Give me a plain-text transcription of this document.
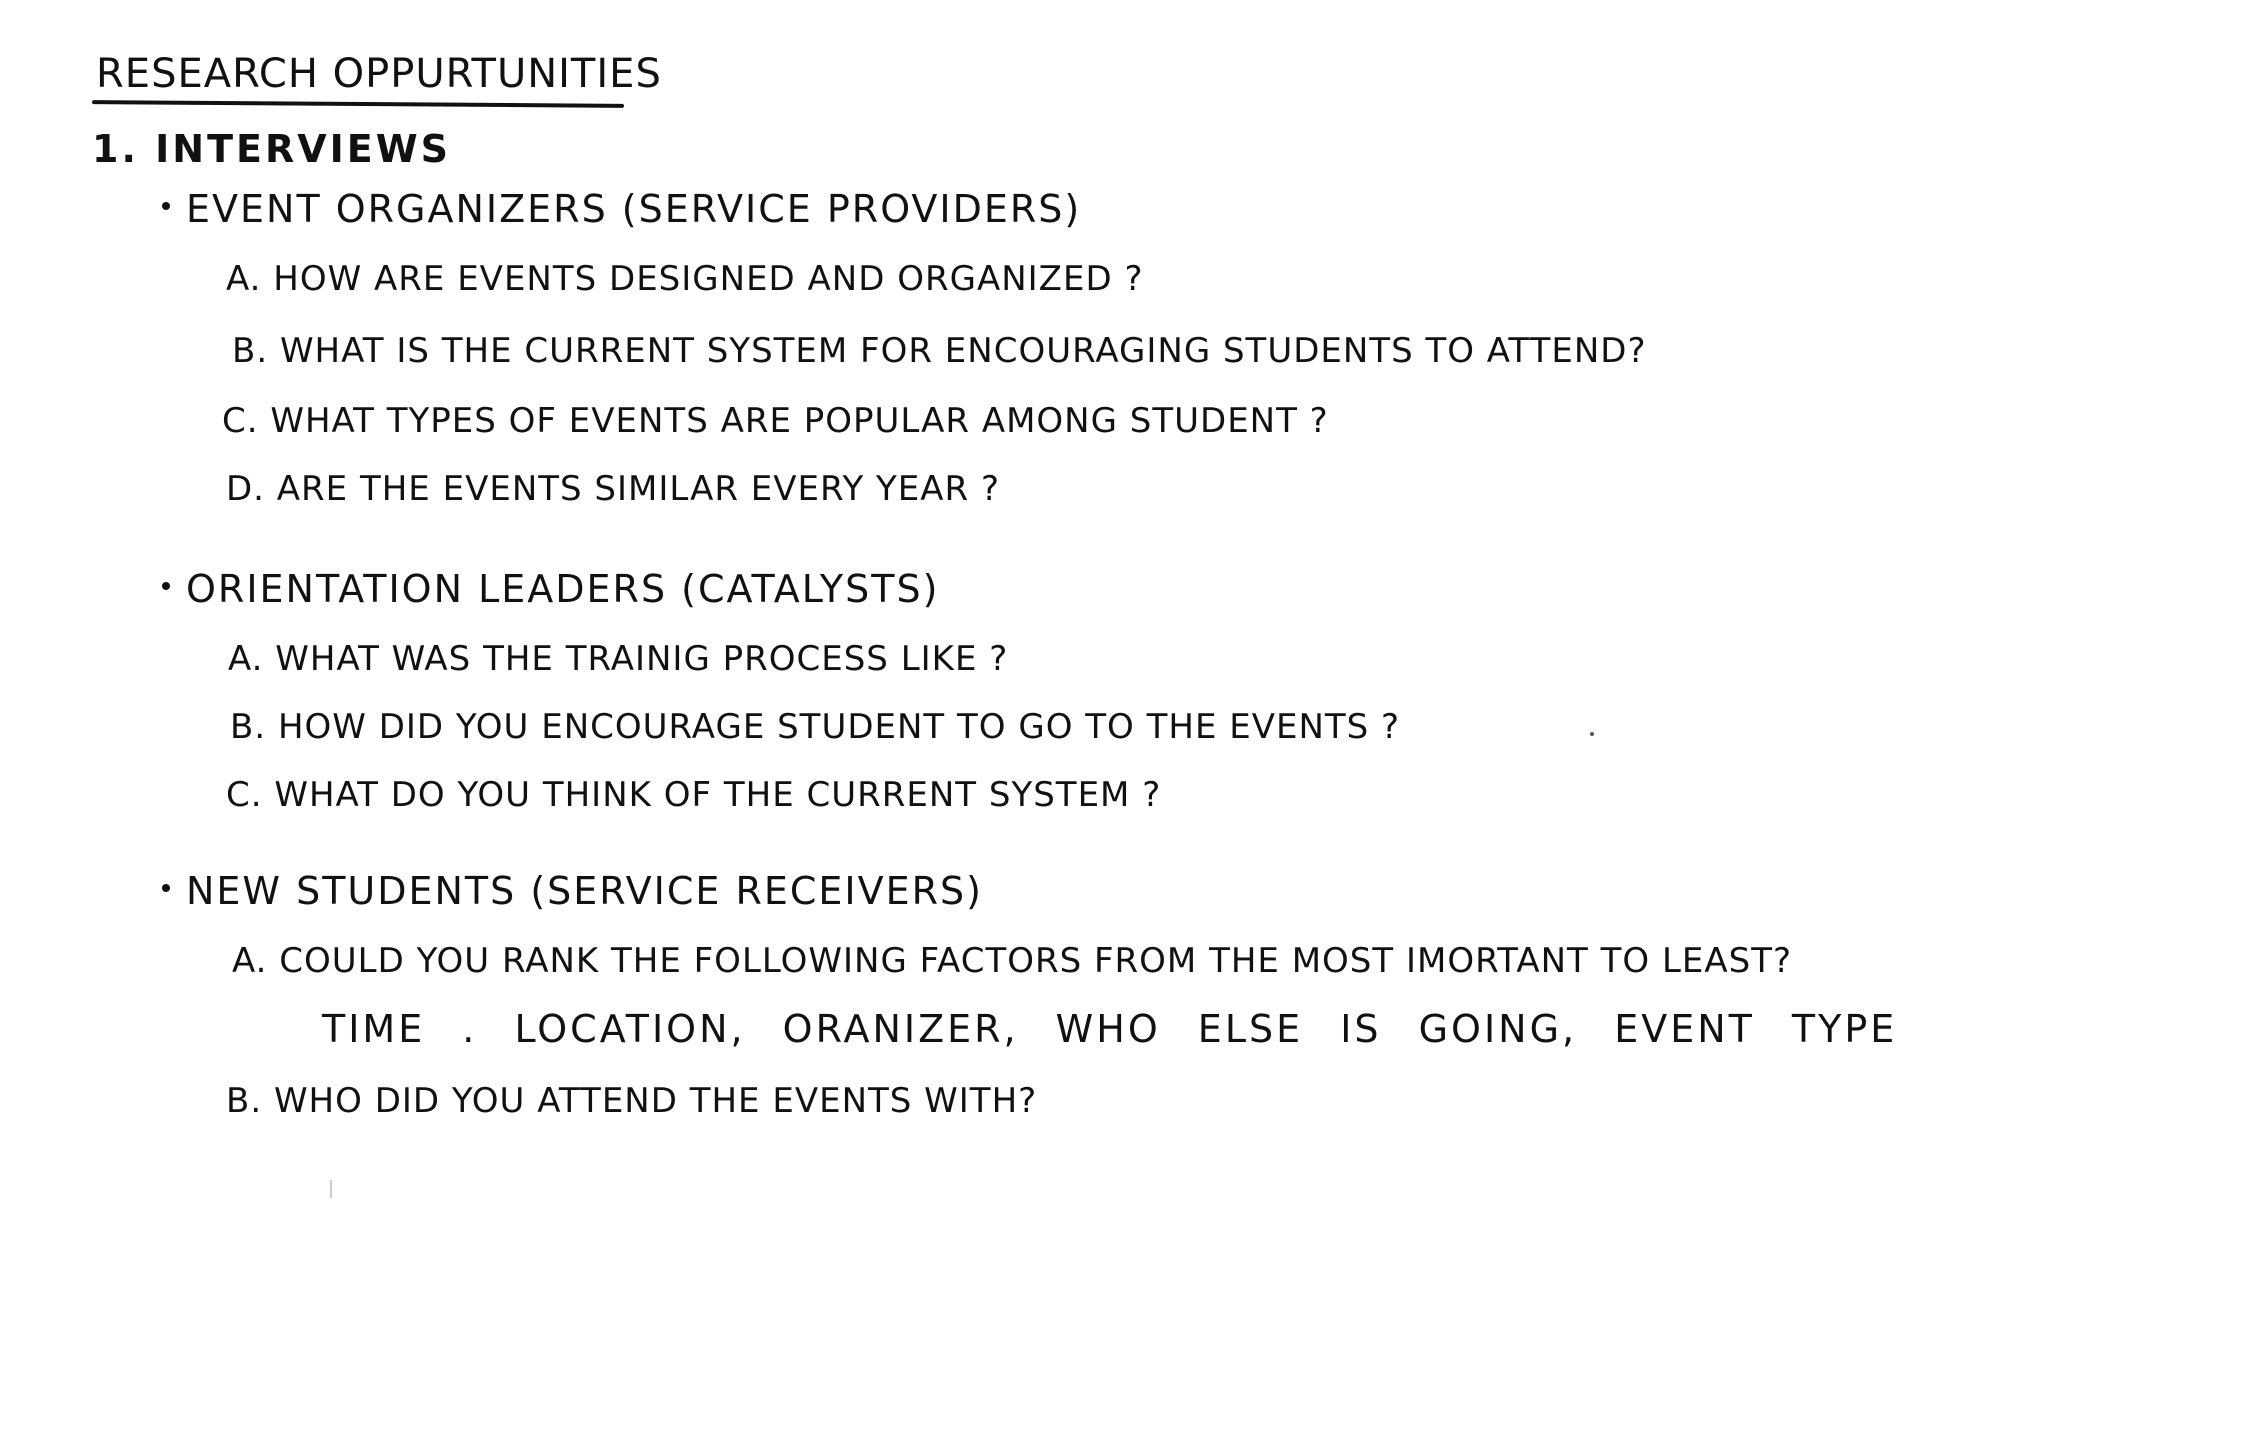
RESEARCH OPPURTUNITIES
1. INTERVIEWS
EVENT ORGANIZERS (SERVICE PROVIDERS)
A. HOW ARE EVENTS DESIGNED AND ORGANIZED ?
B. WHAT IS THE CURRENT SYSTEM FOR ENCOURAGING STUDENTS TO ATTEND?
C. WHAT TYPES OF EVENTS ARE POPULAR AMONG STUDENT ?
D. ARE THE EVENTS SIMILAR EVERY YEAR ?
ORIENTATION LEADERS (CATALYSTS)
A. WHAT WAS THE TRAINIG PROCESS LIKE ?
B. HOW DID YOU ENCOURAGE STUDENT TO GO TO THE EVENTS ?
C. WHAT DO YOU THINK OF THE CURRENT SYSTEM ?
NEW STUDENTS (SERVICE RECEIVERS)
A. COULD YOU RANK THE FOLLOWING FACTORS FROM THE MOST IMORTANT TO LEAST?
TIME . LOCATION, ORANIZER, WHO ELSE IS GOING, EVENT TYPE
B. WHO DID YOU ATTEND THE EVENTS WITH?
